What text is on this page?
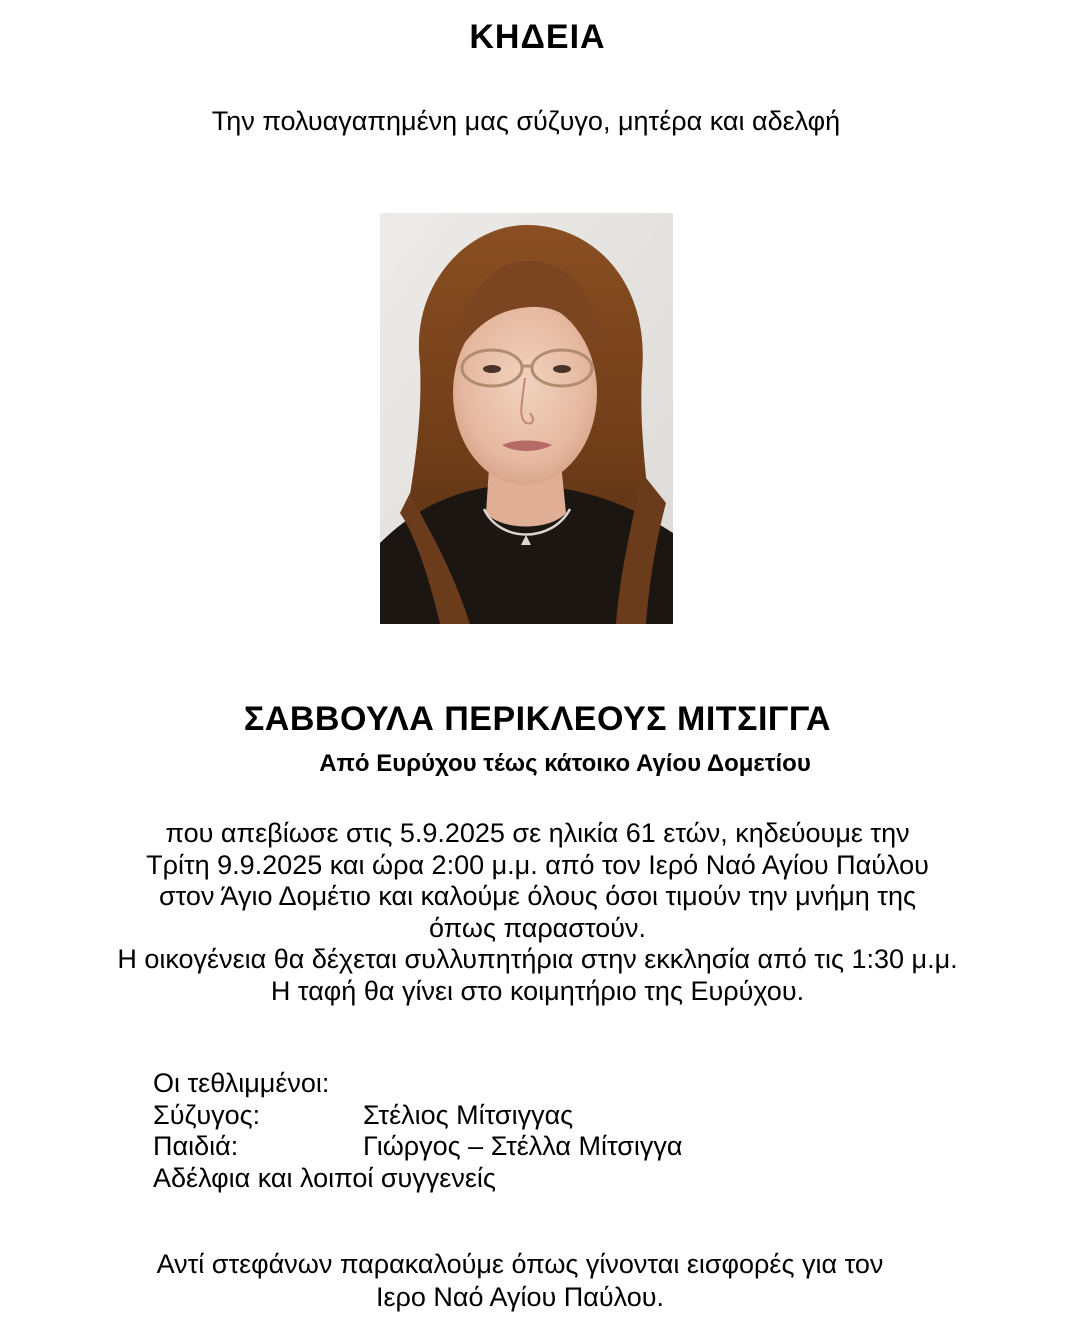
ΚΗΔΕΙΑ
Την πολυαγαπημένη μας σύζυγο, μητέρα και αδελφή
ΣΑΒΒΟΥΛΑ ΠΕΡΙΚΛΕΟΥΣ ΜΙΤΣΙΓΓΑ
Από Ευρύχου τέως κάτοικο Αγίου Δομετίου
που απεβίωσε στις 5.9.2025 σε ηλικία 61 ετών, κηδεύουμε την
Τρίτη 9.9.2025 και ώρα 2:00 μ.μ. από τον Ιερό Ναό Αγίου Παύλου
στον Άγιο Δομέτιο και καλούμε όλους όσοι τιμούν την μνήμη της
όπως παραστούν.
Η οικογένεια θα δέχεται συλλυπητήρια στην εκκλησία από τις 1:30 μ.μ.
Η ταφή θα γίνει στο κοιμητήριο της Ευρύχου.
Οι τεθλιμμένοι:
Σύζυγος:	Στέλιος Μίτσιγγας
Παιδιά:	Γιώργος – Στέλλα Μίτσιγγα
Αδέλφια και λοιποί συγγενείς
Αντί στεφάνων παρακαλούμε όπως γίνονται εισφορές για τον
Ιερο Ναό Αγίου Παύλου.
